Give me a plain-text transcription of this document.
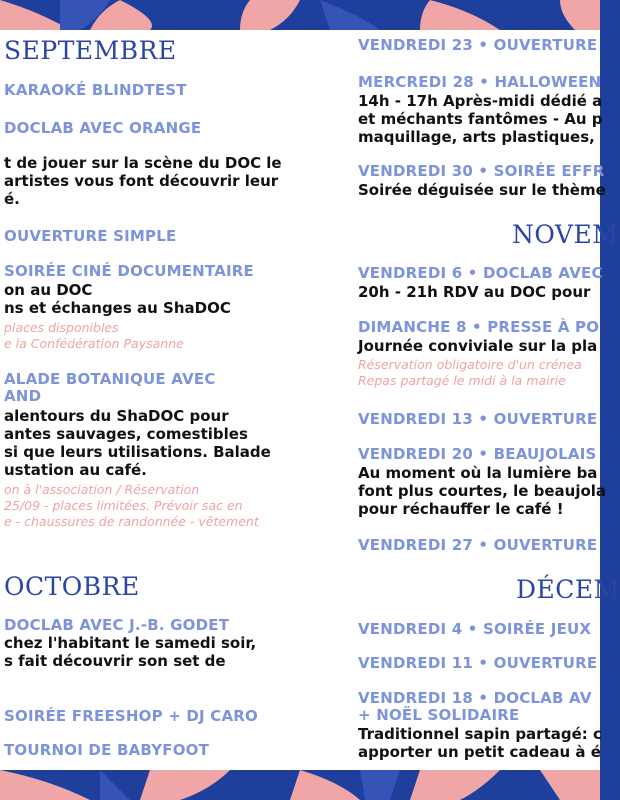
SEPTEMBRE
KARAOKÉ BLINDTEST
DOCLAB AVEC ORANGE
t de jouer sur la scène du DOC le
artistes vous font découvrir leur
é.
OUVERTURE SIMPLE
SOIRÉE CINÉ DOCUMENTAIRE
on au DOC
ns et échanges au ShaDOC
places disponibles
e la Confédération Paysanne
ALADE BOTANIQUE AVEC
AND
alentours du ShaDOC pour
antes sauvages, comestibles
si que leurs utilisations. Balade
ustation au café.
on à l'association / Réservation
25/09 - places limitées. Prévoir sac en
e - chaussures de randonnée - vêtement
OCTOBRE
DOCLAB AVEC J.-B. GODET
chez l'habitant le samedi soir,
s fait découvrir son set de
SOIRÉE FREESHOP + DJ CARO
TOURNOI DE BABYFOOT
VENDREDI 23 • OUVERTURE
MERCREDI 28 • HALLOWEEN
14h - 17h Après-midi dédié a
et méchants fantômes - Au p
maquillage, arts plastiques,
VENDREDI 30 • SOIRÉE EFFR
Soirée déguisée sur le thème
NOVEM
VENDREDI 6 • DOCLAB AVEC
20h - 21h RDV au DOC pour
DIMANCHE 8 • PRESSE À PO
Journée conviviale sur la pla
Réservation obligatoire d'un crénea
Repas partagé le midi à la mairie
VENDREDI 13 • OUVERTURE
VENDREDI 20 • BEAUJOLAIS
Au moment où la lumière ba
font plus courtes, le beaujola
pour réchauffer le café !
VENDREDI 27 • OUVERTURE
DÉCEM
VENDREDI 4 • SOIRÉE JEUX
VENDREDI 11 • OUVERTURE
VENDREDI 18 • DOCLAB AV
+ NOËL SOLIDAIRE
Traditionnel sapin partagé: c
apporter un petit cadeau à é
